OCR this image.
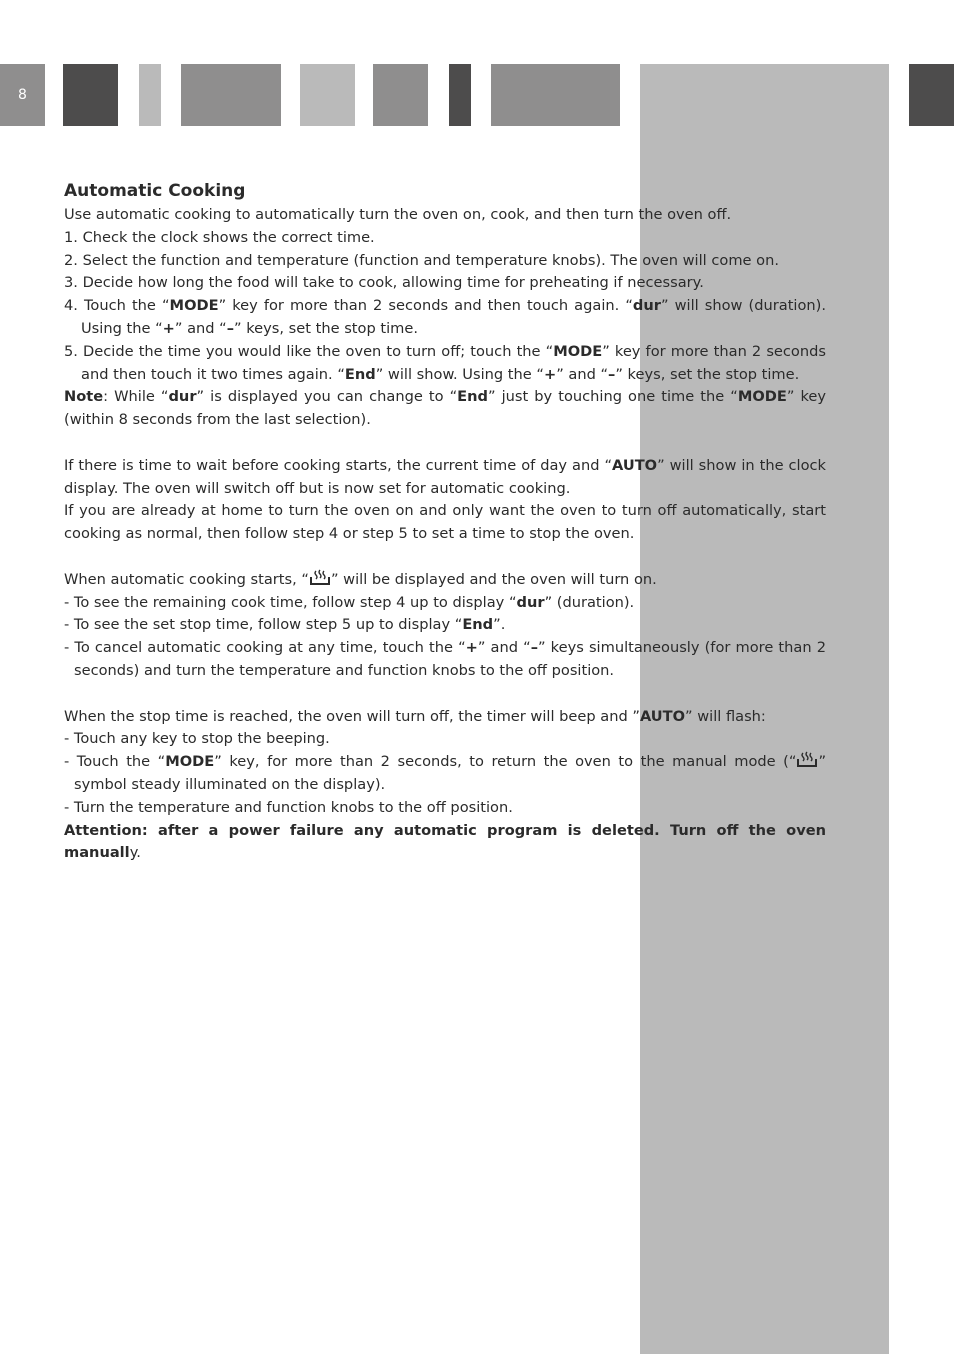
8

Automatic Cooking

Use automatic cooking to automatically turn the oven on, cook, and then turn the oven off.

1. Check the clock shows the correct time.

2. Select the function and temperature (function and temperature knobs). The oven will come on.

3. Decide how long the food will take to cook, allowing time for preheating if necessary.

4. Touch the “MODE” key for more than 2 seconds and then touch again. “dur” will show (duration). Using the “+” and “–” keys, set the stop time.

5. Decide the time you would like the oven to turn off; touch the “MODE” key for more than 2 seconds and then touch it two times again. “End” will show. Using the “+” and “–” keys, set the stop time.

Note: While “dur” is displayed you can change to “End” just by touching one time the “MODE” key (within 8 seconds from the last selection).

If there is time to wait before cooking starts, the current time of day and “AUTO” will show in the clock display. The oven will switch off but is now set for automatic cooking.

If you are already at home to turn the oven on and only want the oven to turn off automatically, start cooking as normal, then follow step 4 or step 5 to set a time to stop the oven.

When automatic cooking starts, “ ” will be displayed and the oven will turn on.

- To see the remaining cook time, follow step 4 up to display “dur” (duration).

- To see the set stop time, follow step 5 up to display “End”.

- To cancel automatic cooking at any time, touch the “+” and “–” keys simultaneously (for more than 2 seconds) and turn the temperature and function knobs to the off position.

When the stop time is reached, the oven will turn off, the timer will beep and ”AUTO” will flash:

- Touch any key to stop the beeping.

- Touch the “MODE” key, for more than 2 seconds, to return the oven to the manual mode (“ ” symbol steady illuminated on the display).

- Turn the temperature and function knobs to the off position.

Attention: after a power failure any automatic program is deleted. Turn off the oven manually.
